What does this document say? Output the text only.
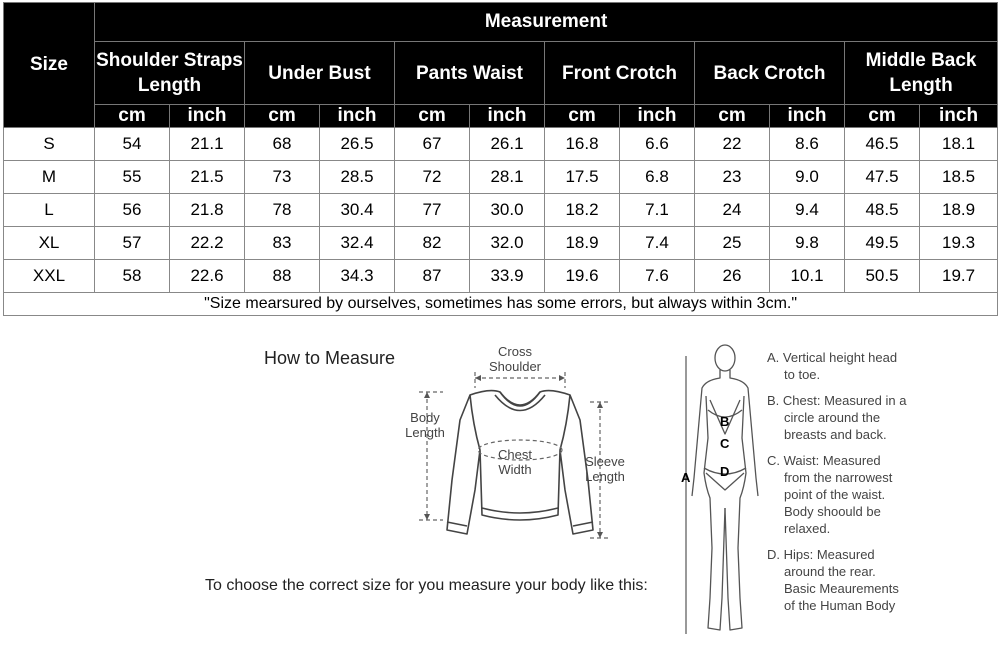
Size	Measurement											
	Shoulder Straps Length		Under Bust		Pants Waist		Front Crotch		Back Crotch		Middle Back Length	
	cm	inch	cm	inch	cm	inch	cm	inch	cm	inch	cm	inch
S	54	21.1	68	26.5	67	26.1	16.8	6.6	22	8.6	46.5	18.1
M	55	21.5	73	28.5	72	28.1	17.5	6.8	23	9.0	47.5	18.5
L	56	21.8	78	30.4	77	30.0	18.2	7.1	24	9.4	48.5	18.9
XL	57	22.2	83	32.4	82	32.0	18.9	7.4	25	9.8	49.5	19.3
XXL	58	22.6	88	34.3	87	33.9	19.6	7.6	26	10.1	50.5	19.7
"Size mearsured by ourselves, sometimes has some errors, but always within 3cm."												
How to Measure
To choose the correct size for you measure your body like this:
Cross
Shoulder
Body
Length
Chest
Width
Sleeve
Length	A
B
C
D
A. Vertical height head
to toe.
B. Chest: Measured in a
circle around the
breasts and back.
C. Waist: Measured
from the narrowest
point of the waist.
Body shoould be
relaxed.
D. Hips: Measured
around the rear.
Basic Meaurements
of the Human Body
